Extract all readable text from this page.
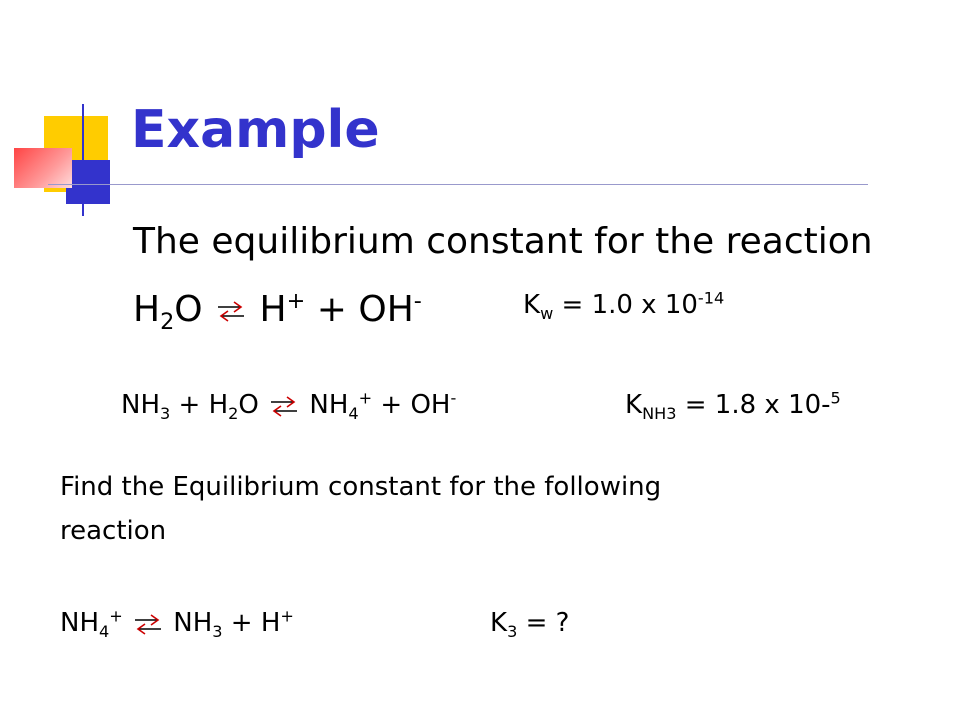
Example
The equilibrium constant for the reaction
$H_2O$ ⇌ H+ + OH-	$K_w = 1.0$ x $10^{-14}$
$NH_3 + H_2O$ ⇌ $NH_4^+ + OH^-$	$K_{NH3} = 1.8$ x 10-$^5$
Find the Equilibrium constant for the following
reaction
$NH_4^+$ ⇌ $NH_3 + H^+$	$K_3$ = ?
